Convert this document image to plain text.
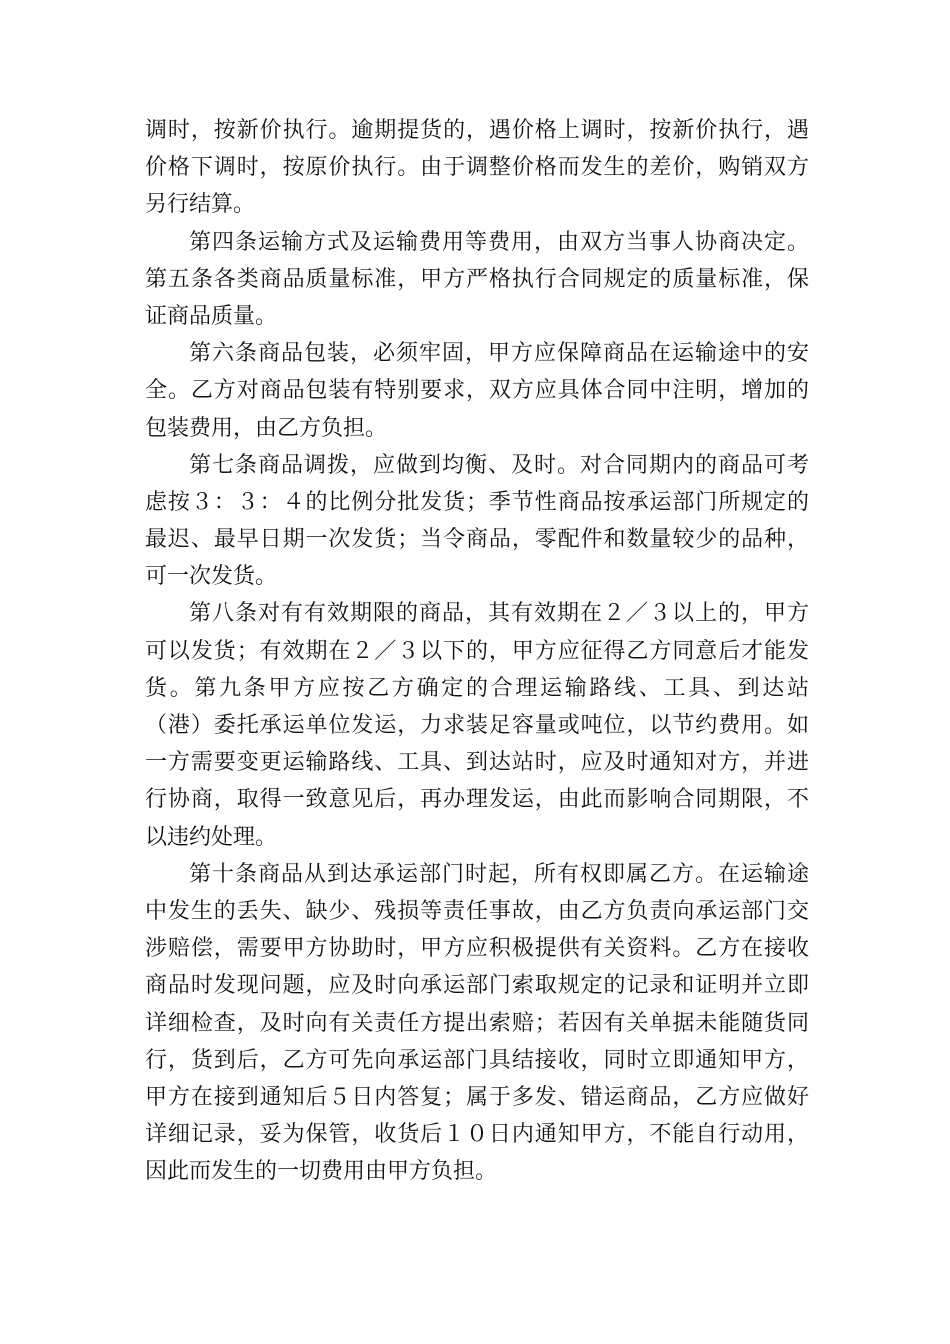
调时，按新价执行。逾期提货的，遇价格上调时，按新价执行，遇
价格下调时，按原价执行。由于调整价格而发生的差价，购销双方
另行结算。
第四条运输方式及运输费用等费用，由双方当事人协商决定。
第五条各类商品质量标准，甲方严格执行合同规定的质量标准，保
证商品质量。
第六条商品包装，必须牢固，甲方应保障商品在运输途中的安
全。乙方对商品包装有特别要求，双方应具体合同中注明，增加的
包装费用，由乙方负担。
第七条商品调拨，应做到均衡、及时。对合同期内的商品可考
虑按３：３：４的比例分批发货；季节性商品按承运部门所规定的
最迟、最早日期一次发货；当令商品，零配件和数量较少的品种，
可一次发货。
第八条对有有效期限的商品，其有效期在２／３以上的，甲方
可以发货；有效期在２／３以下的，甲方应征得乙方同意后才能发
货。第九条甲方应按乙方确定的合理运输路线、工具、到达站
（港）委托承运单位发运，力求装足容量或吨位，以节约费用。如
一方需要变更运输路线、工具、到达站时，应及时通知对方，并进
行协商，取得一致意见后，再办理发运，由此而影响合同期限，不
以违约处理。
第十条商品从到达承运部门时起，所有权即属乙方。在运输途
中发生的丢失、缺少、残损等责任事故，由乙方负责向承运部门交
涉赔偿，需要甲方协助时，甲方应积极提供有关资料。乙方在接收
商品时发现问题，应及时向承运部门索取规定的记录和证明并立即
详细检查，及时向有关责任方提出索赔；若因有关单据未能随货同
行，货到后，乙方可先向承运部门具结接收，同时立即通知甲方，
甲方在接到通知后５日内答复；属于多发、错运商品，乙方应做好
详细记录，妥为保管，收货后１０日内通知甲方，不能自行动用，
因此而发生的一切费用由甲方负担。
